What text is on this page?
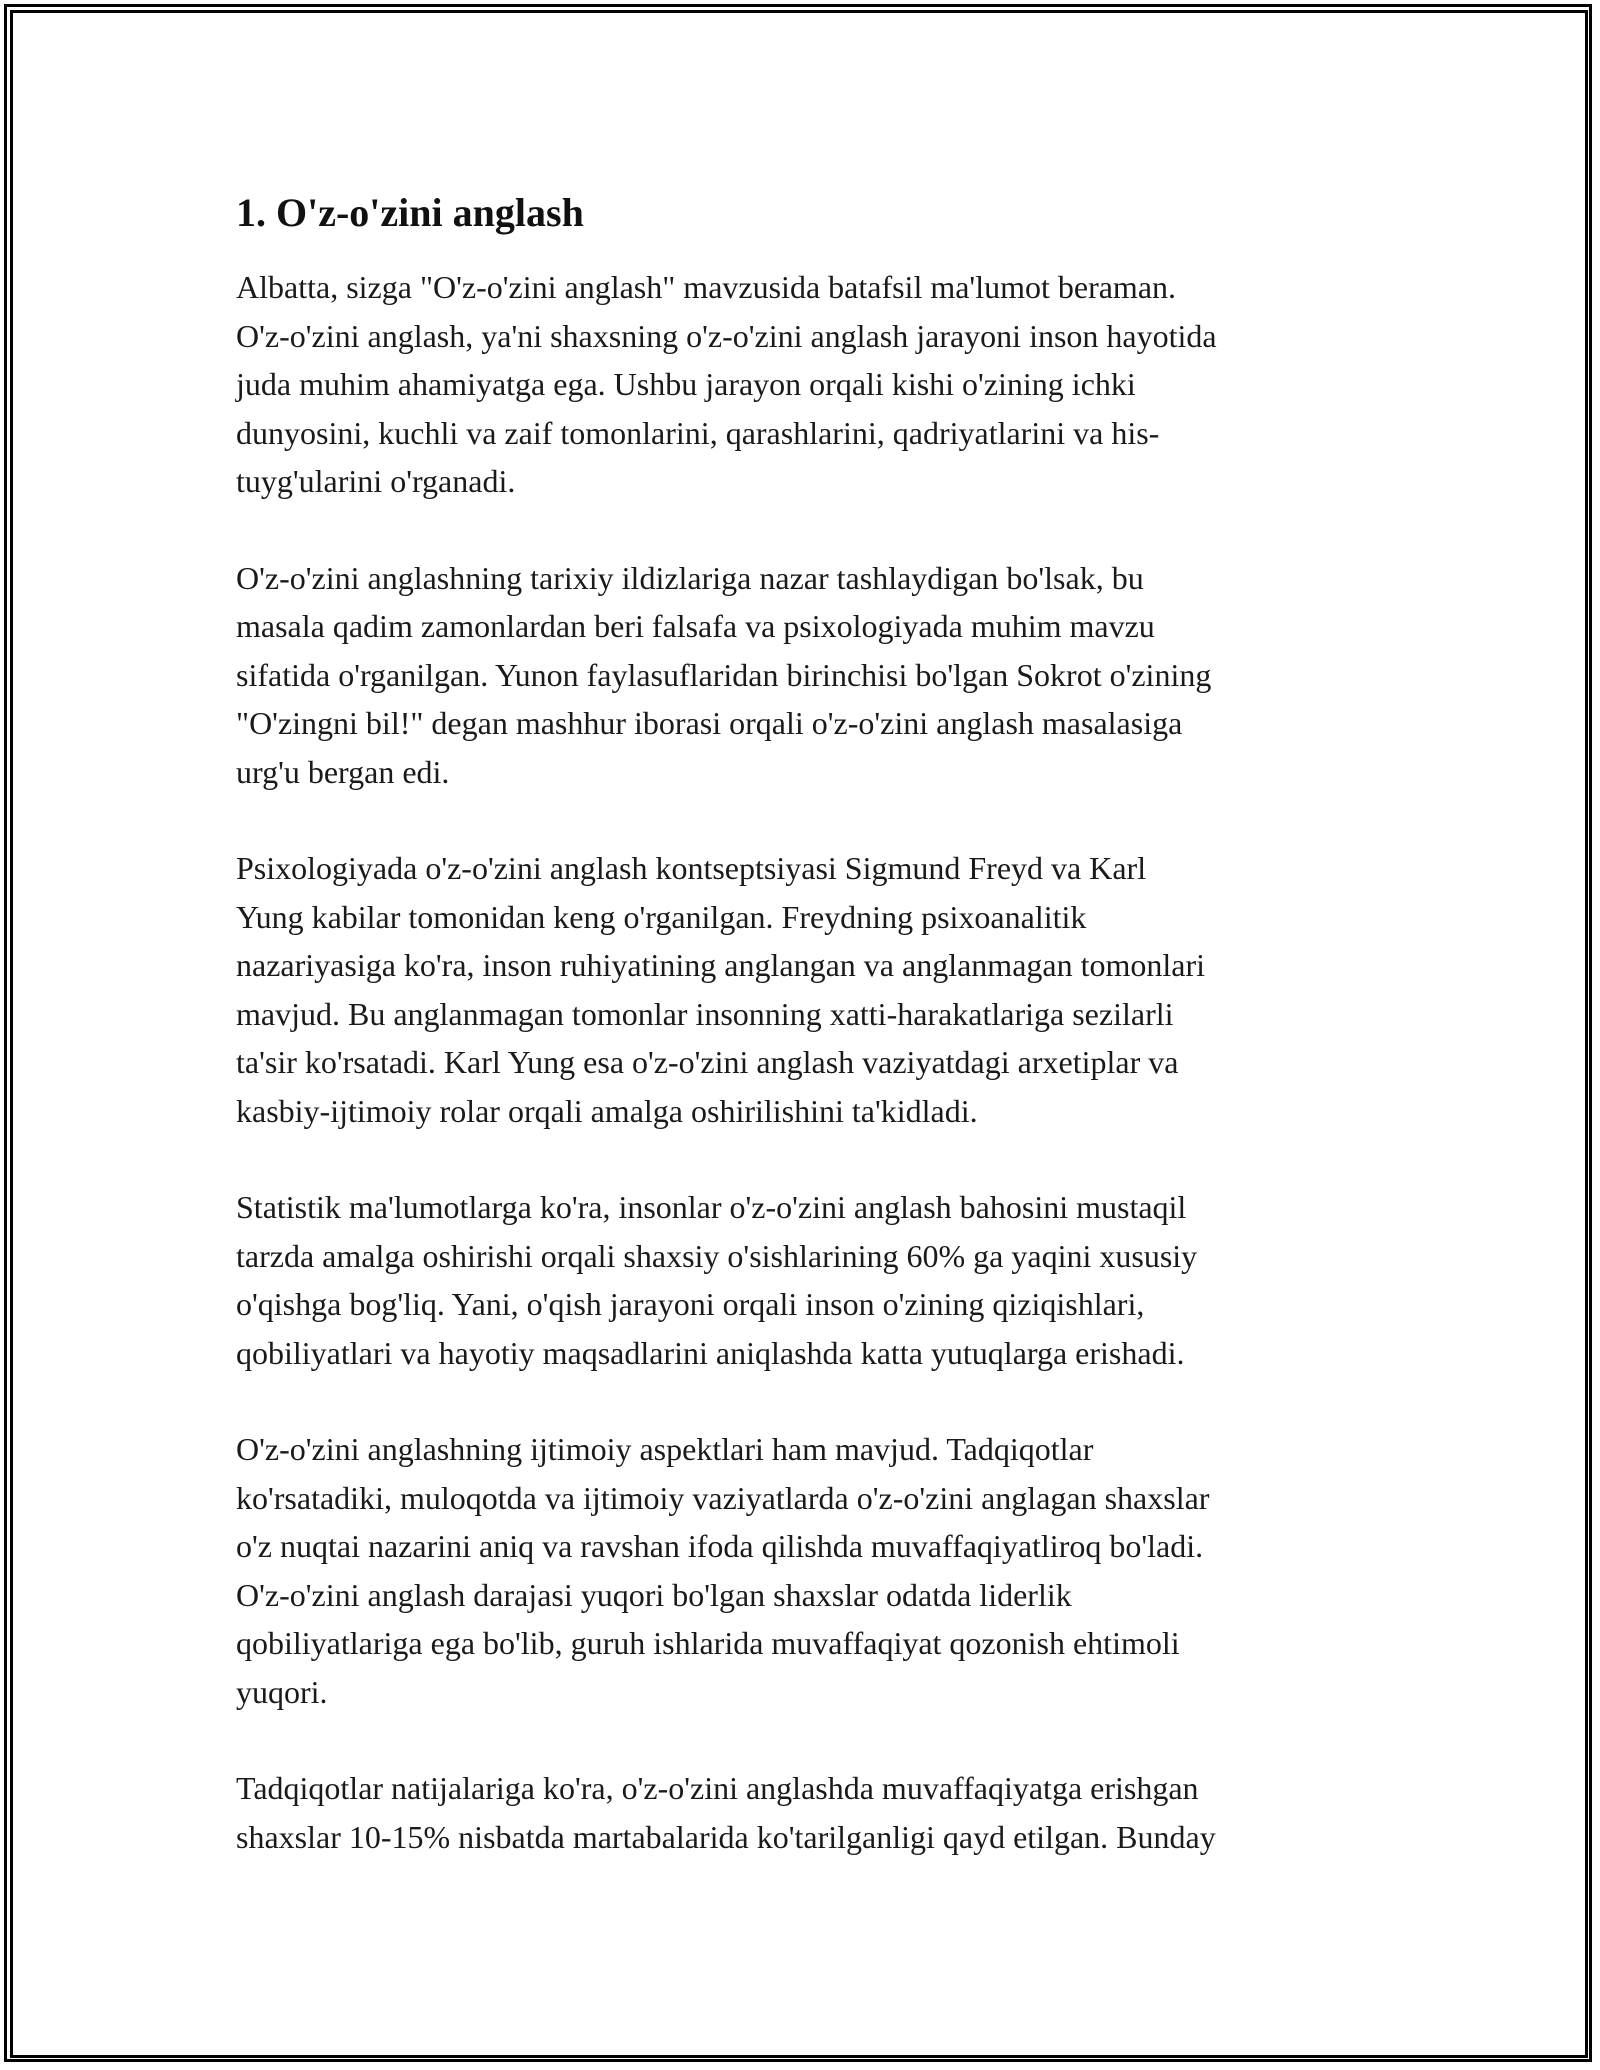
1. O'z-o'zini anglash

Albatta, sizga "O'z-o'zini anglash" mavzusida batafsil ma'lumot beraman.
O'z-o'zini anglash, ya'ni shaxsning o'z-o'zini anglash jarayoni inson hayotida
juda muhim ahamiyatga ega. Ushbu jarayon orqali kishi o'zining ichki
dunyosini, kuchli va zaif tomonlarini, qarashlarini, qadriyatlarini va his-
tuyg'ularini o'rganadi.

O'z-o'zini anglashning tarixiy ildizlariga nazar tashlaydigan bo'lsak, bu
masala qadim zamonlardan beri falsafa va psixologiyada muhim mavzu
sifatida o'rganilgan. Yunon faylasuflaridan birinchisi bo'lgan Sokrot o'zining
"O'zingni bil!" degan mashhur iborasi orqali o'z-o'zini anglash masalasiga
urg'u bergan edi.

Psixologiyada o'z-o'zini anglash kontseptsiyasi Sigmund Freyd va Karl
Yung kabilar tomonidan keng o'rganilgan. Freydning psixoanalitik
nazariyasiga ko'ra, inson ruhiyatining anglangan va anglanmagan tomonlari
mavjud. Bu anglanmagan tomonlar insonning xatti-harakatlariga sezilarli
ta'sir ko'rsatadi. Karl Yung esa o'z-o'zini anglash vaziyatdagi arxetiplar va
kasbiy-ijtimoiy rolar orqali amalga oshirilishini ta'kidladi.

Statistik ma'lumotlarga ko'ra, insonlar o'z-o'zini anglash bahosini mustaqil
tarzda amalga oshirishi orqali shaxsiy o'sishlarining 60% ga yaqini xususiy
o'qishga bog'liq. Yani, o'qish jarayoni orqali inson o'zining qiziqishlari,
qobiliyatlari va hayotiy maqsadlarini aniqlashda katta yutuqlarga erishadi.

O'z-o'zini anglashning ijtimoiy aspektlari ham mavjud. Tadqiqotlar
ko'rsatadiki, muloqotda va ijtimoiy vaziyatlarda o'z-o'zini anglagan shaxslar
o'z nuqtai nazarini aniq va ravshan ifoda qilishda muvaffaqiyatliroq bo'ladi.
O'z-o'zini anglash darajasi yuqori bo'lgan shaxslar odatda liderlik
qobiliyatlariga ega bo'lib, guruh ishlarida muvaffaqiyat qozonish ehtimoli
yuqori.

Tadqiqotlar natijalariga ko'ra, o'z-o'zini anglashda muvaffaqiyatga erishgan
shaxslar 10-15% nisbatda martabalarida ko'tarilganligi qayd etilgan. Bunday
